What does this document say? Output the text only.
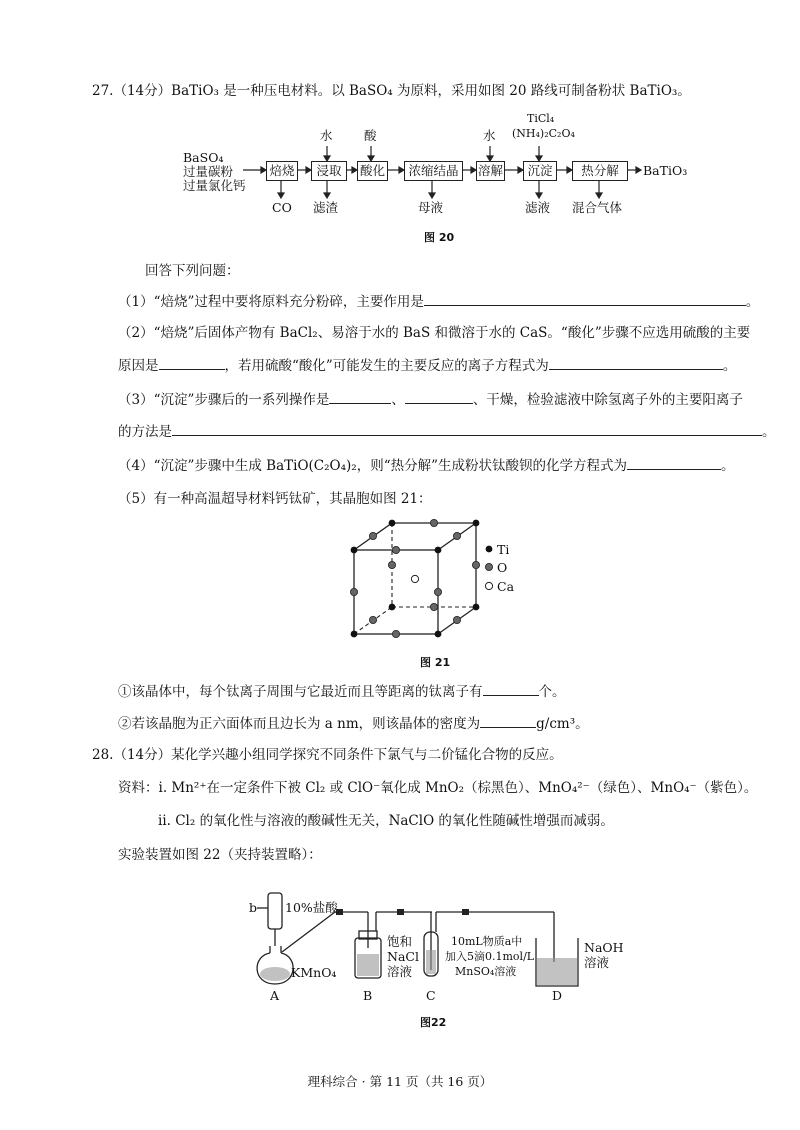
27.（14分）BaTiO₃ 是一种压电材料。以 BaSO₄ 为原料，采用如图 20 路线可制备粉状 BaTiO₃。
BaSO₄
过量碳粉
过量氯化钙
焙烧	浸取	酸化	浓缩结晶	溶解	沉淀	热分解
水	酸	水
TiCl₄
(NH₄)₂C₂O₄
CO 滤渣	母液	滤液 混合气体
BaTiO₃
图 20
回答下列问题：
（1）“焙烧”过程中要将原料充分粉碎，主要作用是	。
（2）“焙烧”后固体产物有 BaCl₂、易溶于水的 BaS 和微溶于水的 CaS。“酸化”步骤不应选用硫酸的主要
原因是	，若用硫酸“酸化”可能发生的主要反应的离子方程式为	。
（3）“沉淀”步骤后的一系列操作是	、	、干燥，检验滤液中除氢离子外的主要阳离子
的方法是	。
（4）“沉淀”步骤中生成 BaTiO(C₂O₄)₂，则“热分解”生成粉状钛酸钡的化学方程式为	。
（5）有一种高温超导材料钙钛矿，其晶胞如图 21：
Ti
O
Ca
图 21
①该晶体中，每个钛离子周围与它最近而且等距离的钛离子有	个。
②若该晶胞为正六面体而且边长为 a nm，则该晶体的密度为	g/cm³。
28.（14分）某化学兴趣小组同学探究不同条件下氯气与二价锰化合物的反应。
资料：ⅰ. Mn²⁺在一定条件下被 Cl₂ 或 ClO⁻氧化成 MnO₂（棕黑色）、MnO₄²⁻（绿色）、MnO₄⁻（紫色）。
ⅱ. Cl₂ 的氧化性与溶液的酸碱性无关，NaClO 的氧化性随碱性增强而减弱。
实验装置如图 22（夹持装置略）：
b 10%盐酸
KMnO₄
饱和
NaCl
溶液
10mL物质a中
加入5滴0.1mol/L
MnSO₄溶液
NaOH
溶液
A	B	C	D
图22
理科综合 · 第 11 页（共 16 页）
